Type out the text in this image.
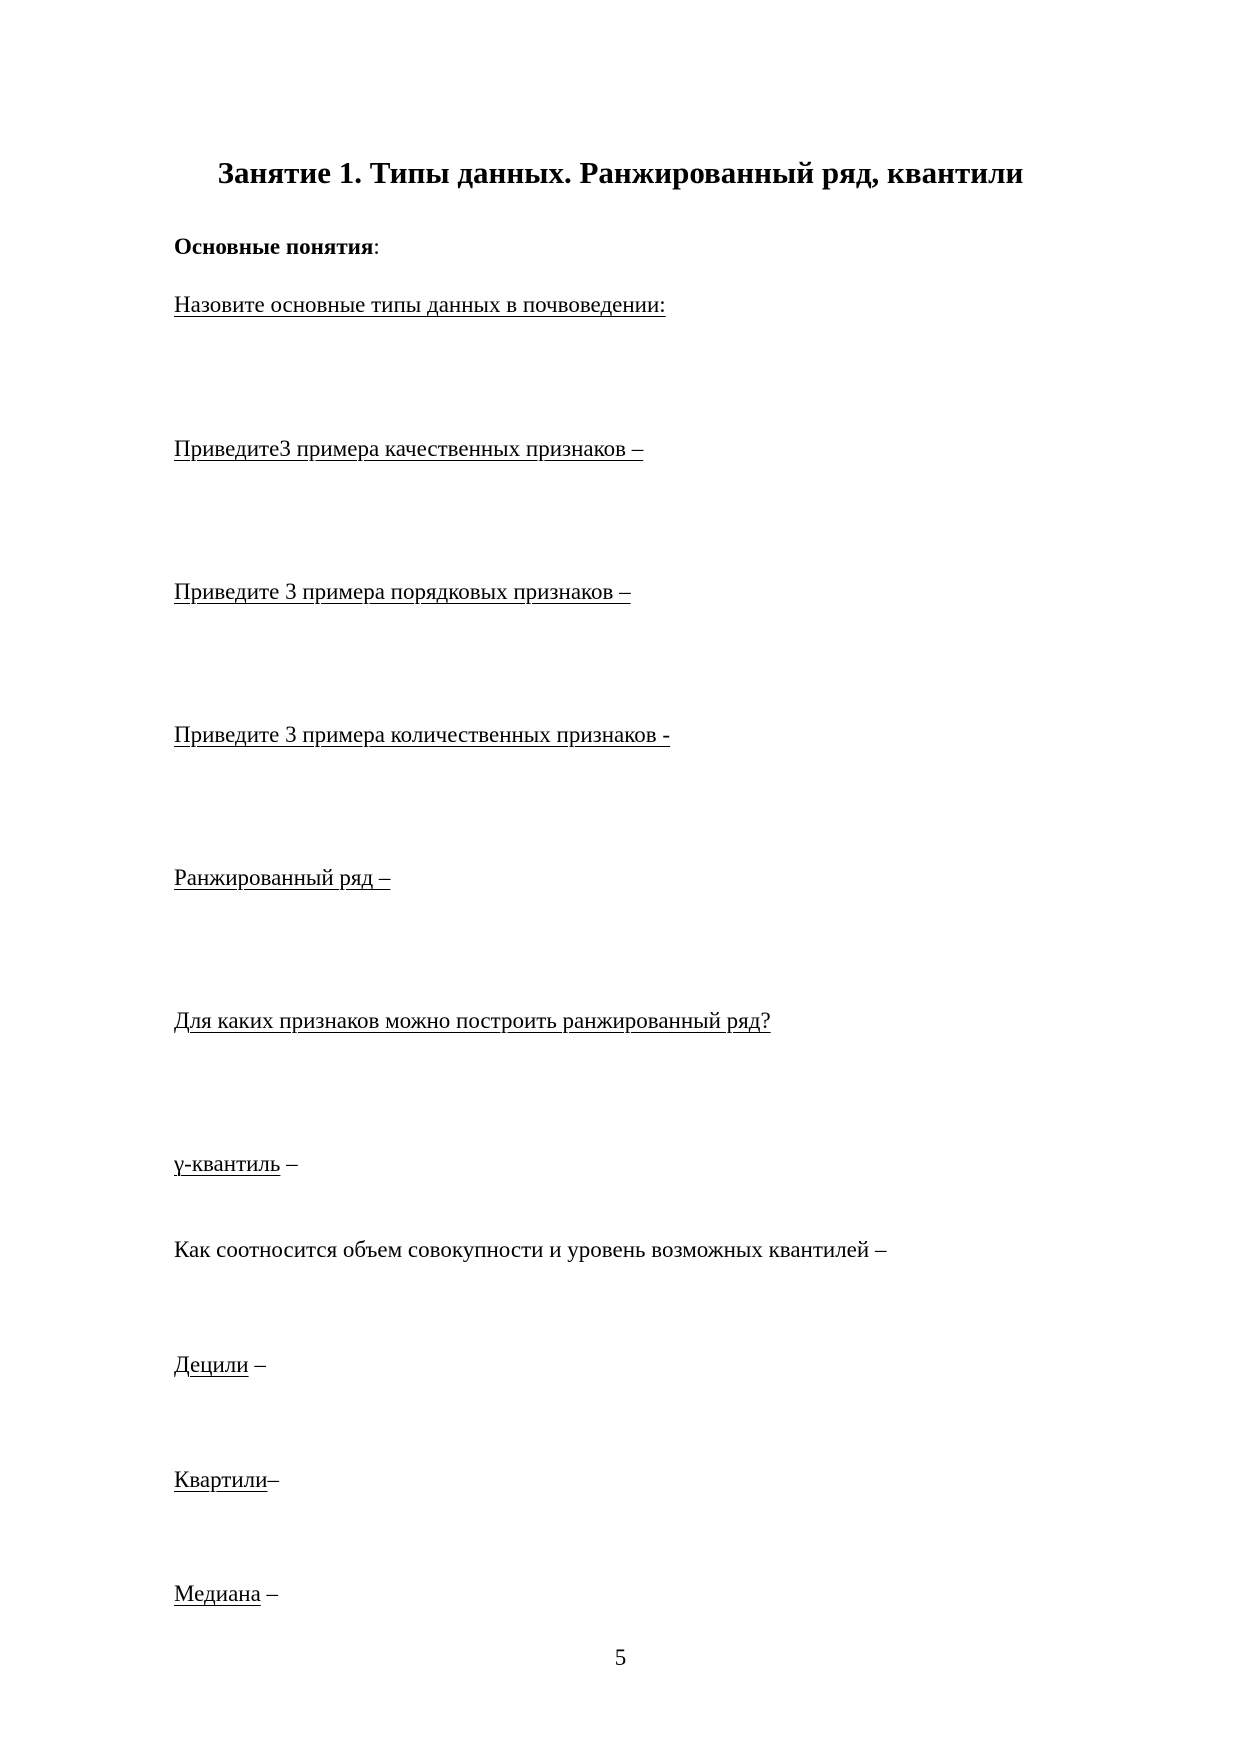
Занятие 1. Типы данных. Ранжированный ряд, квантили

Основные понятия:

Назовите основные типы данных в почвоведении:

Приведите3 примера качественных признаков –

Приведите 3 примера порядковых признаков –

Приведите 3 примера количественных признаков -

Ранжированный ряд –

Для каких признаков можно построить ранжированный ряд?

γ-квантиль –

Как соотносится объем совокупности и уровень возможных квантилей –

Децили –

Квартили–

Медиана –

5
